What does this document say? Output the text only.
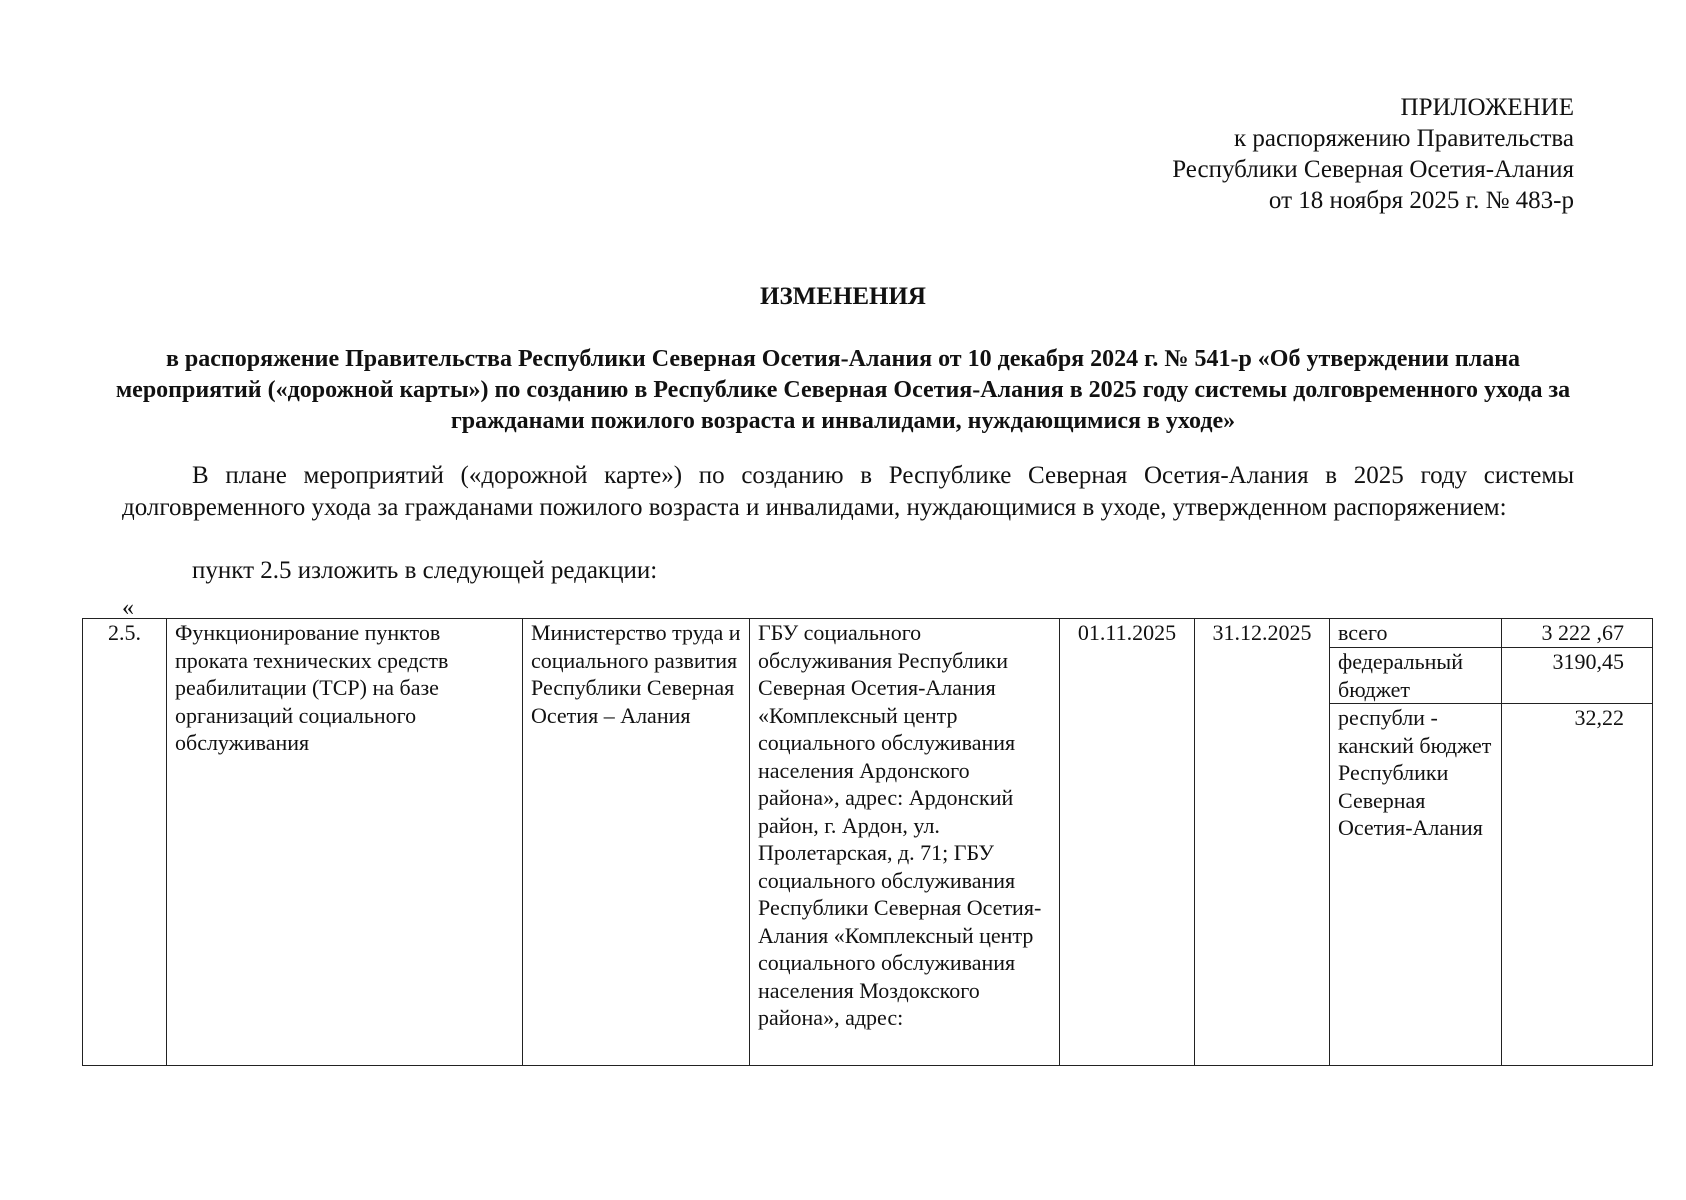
ПРИЛОЖЕНИЕ
к распоряжению Правительства
Республики Северная Осетия-Алания
от 18 ноября 2025 г. № 483-р
ИЗМЕНЕНИЯ
в распоряжение Правительства Республики Северная Осетия-Алания от 10 декабря 2024 г. № 541-р «Об утверждении плана мероприятий («дорожной карты») по созданию в Республике Северная Осетия-Алания в 2025 году системы долговременного ухода за гражданами пожилого возраста и инвалидами, нуждающимися в уходе»
В плане мероприятий («дорожной карте») по созданию в Республике Северная Осетия-Алания в 2025 году системы долговременного ухода за гражданами пожилого возраста и инвалидами, нуждающимися в уходе, утвержденном распоряжением:
пункт 2.5 изложить в следующей редакции:
«
2.5.	Функционирование пунктов проката технических средств реабилитации (ТСР) на базе организаций социального обслуживания	Министерство труда и социального развития Республики Северная Осетия – Алания	ГБУ социального обслуживания Республики Северная Осетия-Алания «Комплексный центр социального обслуживания населения Ардонского района», адрес: Ардонский район, г. Ардон, ул. Пролетарская, д. 71; ГБУ социального обслуживания Республики Северная Осетия-Алания «Комплексный центр социального обслуживания населения Моздокского района», адрес:	01.11.2025	31.12.2025	всего	3 222 ,67
						федеральный бюджет	3190,45
						республи - канский бюджет Республики Северная Осетия-Алания	32,22
